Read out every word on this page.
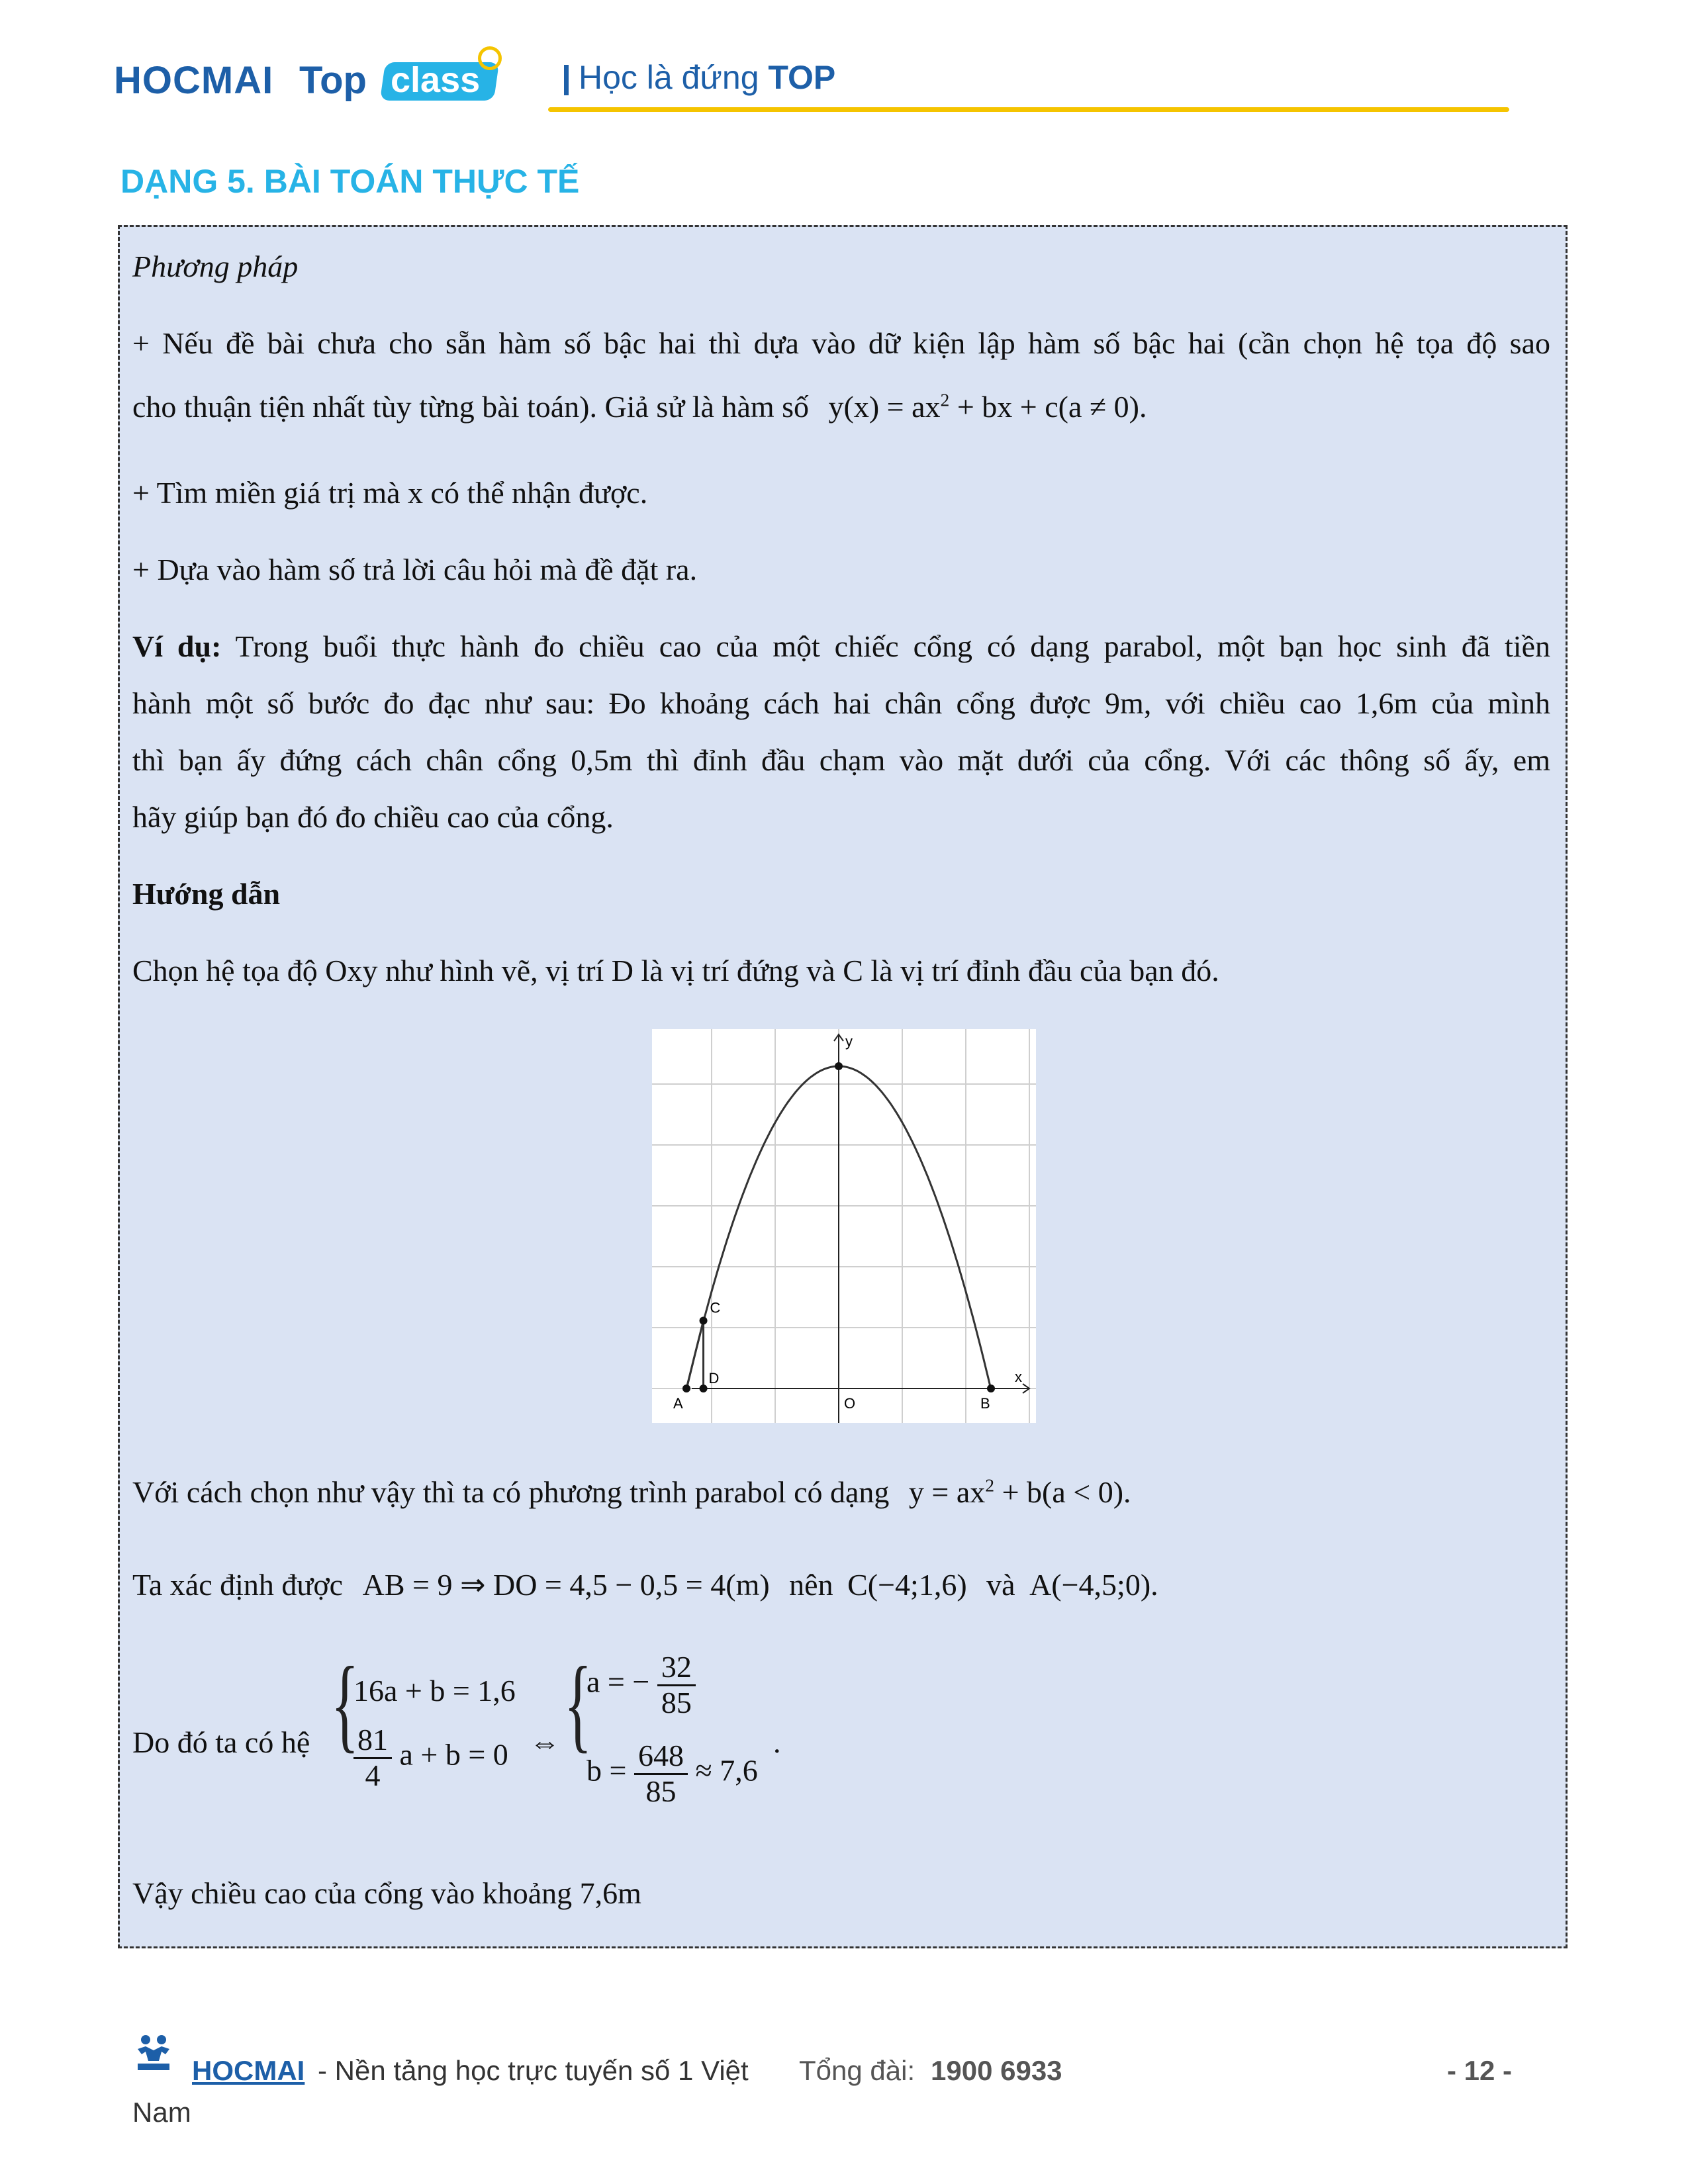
HOCMAI Top class	Học là đứng TOP
DẠNG 5. BÀI TOÁN THỰC TẾ
Phương pháp
+ Nếu đề bài chưa cho sẵn hàm số bậc hai thì dựa vào dữ kiện lập hàm số bậc hai (cần chọn hệ tọa độ sao
cho thuận tiện nhất tùy từng bài toán). Giả sử là hàm số $y(x) = ax^2$ + bx + c(a ≠ 0).
+ Tìm miền giá trị mà x có thể nhận được.
+ Dựa vào hàm số trả lời câu hỏi mà đề đặt ra.
Ví dụ: Trong buổi thực hành đo chiều cao của một chiếc cổng có dạng parabol, một bạn học sinh đã tiền
hành một số bước đo đạc như sau: Đo khoảng cách hai chân cổng được 9m, với chiều cao 1,6m của mình
thì bạn ấy đứng cách chân cổng 0,5m thì đỉnh đầu chạm vào mặt dưới của cổng. Với các thông số ấy, em
hãy giúp bạn đó đo chiều cao của cổng.
Hướng dẫn
Chọn hệ tọa độ Oxy như hình vẽ, vị trí D là vị trí đứng và C là vị trí đỉnh đầu của bạn đó.
x
y
A
D
C
O	B
Với cách chọn như vậy thì ta có phương trình parabol có dạng $y = ax^2 + b(a < 0)$.
Ta xác định được AB = 9 ⇒ DO = 4,5 − 0,5 = 4(m) nên C(−4;1,6) và A(−4,5;0).
Do đó ta có hệ {
16a + b = 1,6
$\frac{81}{4}$ a + b = 0 ⇔ {
a = − $\frac{32}{85}$
$b = \frac{648}{85} \approx 7,6$
.
Vậy chiều cao của cổng vào khoảng 7,6m
HOCMAI - Nền tảng học trực tuyến số 1 Việt Tổng đài: 1900 6933	- 12 -
Nam
